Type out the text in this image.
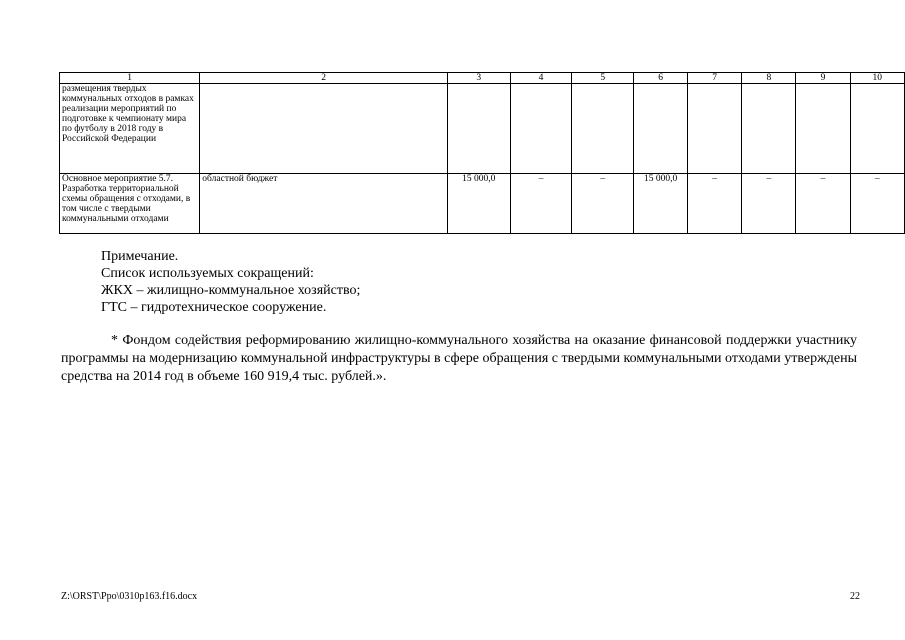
1	2	3	4	5	6	7	8	9	10
размещения твердых коммунальных отходов в рамках реализации мероприятий по подготовке к чемпионату мира по футболу в 2018 году в Российской Федерации									
Основное мероприятие 5.7. Разработка территориальной схемы обращения с отходами, в том числе с твердыми коммунальными отходами	областной бюджет	15 000,0	–	–	15 000,0	–	–	–	–
Примечание.
Список используемых сокращений:
ЖКХ – жилищно-коммунальное хозяйство;
ГТС – гидротехническое сооружение.

* Фондом содействия реформированию жилищно-коммунального хозяйства на оказание финансовой поддержки участнику программы на модернизацию коммунальной инфраструктуры в сфере обращения с твердыми коммунальными отходами утверждены средства на 2014 год в объеме 160 919,4 тыс. рублей.».

Z:\ORST\Ppo\0310p163.f16.docx	22
